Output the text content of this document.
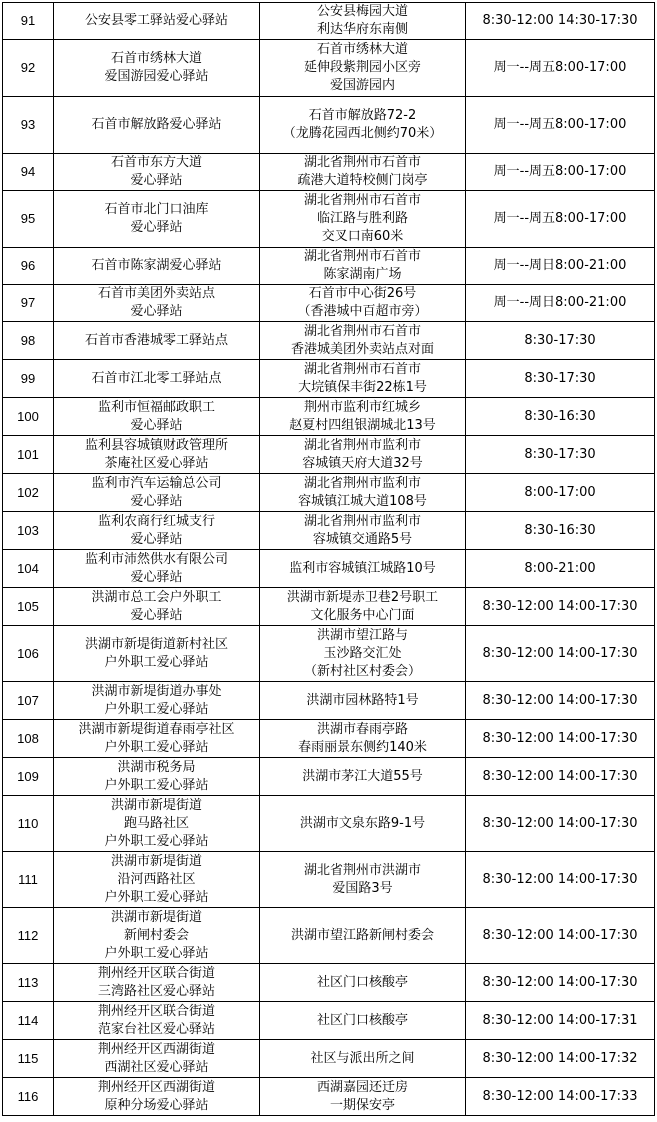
91	公安县零工驿站爱心驿站	公安县梅园大道
利达华府东南侧	8:30-12:00 14:30-17:30
92	石首市绣林大道
爱国游园爱心驿站	石首市绣林大道
延伸段紫荆园小区旁
爱国游园内	周一--周五8:00-17:00
93	石首市解放路爱心驿站	石首市解放路72-2
（龙腾花园西北侧约70米）	周一--周五8:00-17:00
94	石首市东方大道
爱心驿站	湖北省荆州市石首市
疏港大道特校侧门岗亭	周一--周五8:00-17:00
95	石首市北门口油库
爱心驿站	湖北省荆州市石首市
临江路与胜利路
交叉口南60米	周一--周五8:00-17:00
96	石首市陈家湖爱心驿站	湖北省荆州市石首市
陈家湖南广场	周一--周日8:00-21:00
97	石首市美团外卖站点
爱心驿站	石首市中心街26号
（香港城中百超市旁）	周一--周日8:00-21:00
98	石首市香港城零工驿站点	湖北省荆州市石首市
香港城美团外卖站点对面	8:30-17:30
99	石首市江北零工驿站点	湖北省荆州市石首市
大垸镇保丰街22栋1号	8:30-17:30
100	监利市恒福邮政职工
爱心驿站	荆州市监利市红城乡
赵夏村四组银湖城北13号	8:30-16:30
101	监利县容城镇财政管理所
茶庵社区爱心驿站	湖北省荆州市监利市
容城镇天府大道32号	8:30-17:30
102	监利市汽车运输总公司
爱心驿站	湖北省荆州市监利市
容城镇江城大道108号	8:00-17:00
103	监利农商行红城支行
爱心驿站	湖北省荆州市监利市
容城镇交通路5号	8:30-16:30
104	监利市沛然供水有限公司
爱心驿站	监利市容城镇江城路10号	8:00-21:00
105	洪湖市总工会户外职工
爱心驿站	洪湖市新堤赤卫巷2号职工
文化服务中心门面	8:30-12:00 14:00-17:30
106	洪湖市新堤街道新村社区
户外职工爱心驿站	洪湖市望江路与
玉沙路交汇处
（新村社区村委会）	8:30-12:00 14:00-17:30
107	洪湖市新堤街道办事处
户外职工爱心驿站	洪湖市园林路特1号	8:30-12:00 14:00-17:30
108	洪湖市新堤街道春雨亭社区
户外职工爱心驿站	洪湖市春雨亭路
春雨丽景东侧约140米	8:30-12:00 14:00-17:30
109	洪湖市税务局
户外职工爱心驿站	洪湖市茅江大道55号	8:30-12:00 14:00-17:30
110	洪湖市新堤街道
跑马路社区
户外职工爱心驿站	洪湖市文泉东路9-1号	8:30-12:00 14:00-17:30
111	洪湖市新堤街道
沿河西路社区
户外职工爱心驿站	湖北省荆州市洪湖市
爱国路3号	8:30-12:00 14:00-17:30
112	洪湖市新堤街道
新闸村委会
户外职工爱心驿站	洪湖市望江路新闸村委会	8:30-12:00 14:00-17:30
113	荆州经开区联合街道
三湾路社区爱心驿站	社区门口核酸亭	8:30-12:00 14:00-17:30
114	荆州经开区联合街道
范家台社区爱心驿站	社区门口核酸亭	8:30-12:00 14:00-17:31
115	荆州经开区西湖街道
西湖社区爱心驿站	社区与派出所之间	8:30-12:00 14:00-17:32
116	荆州经开区西湖街道
原种分场爱心驿站	西湖嘉园还迁房
一期保安亭	8:30-12:00 14:00-17:33
